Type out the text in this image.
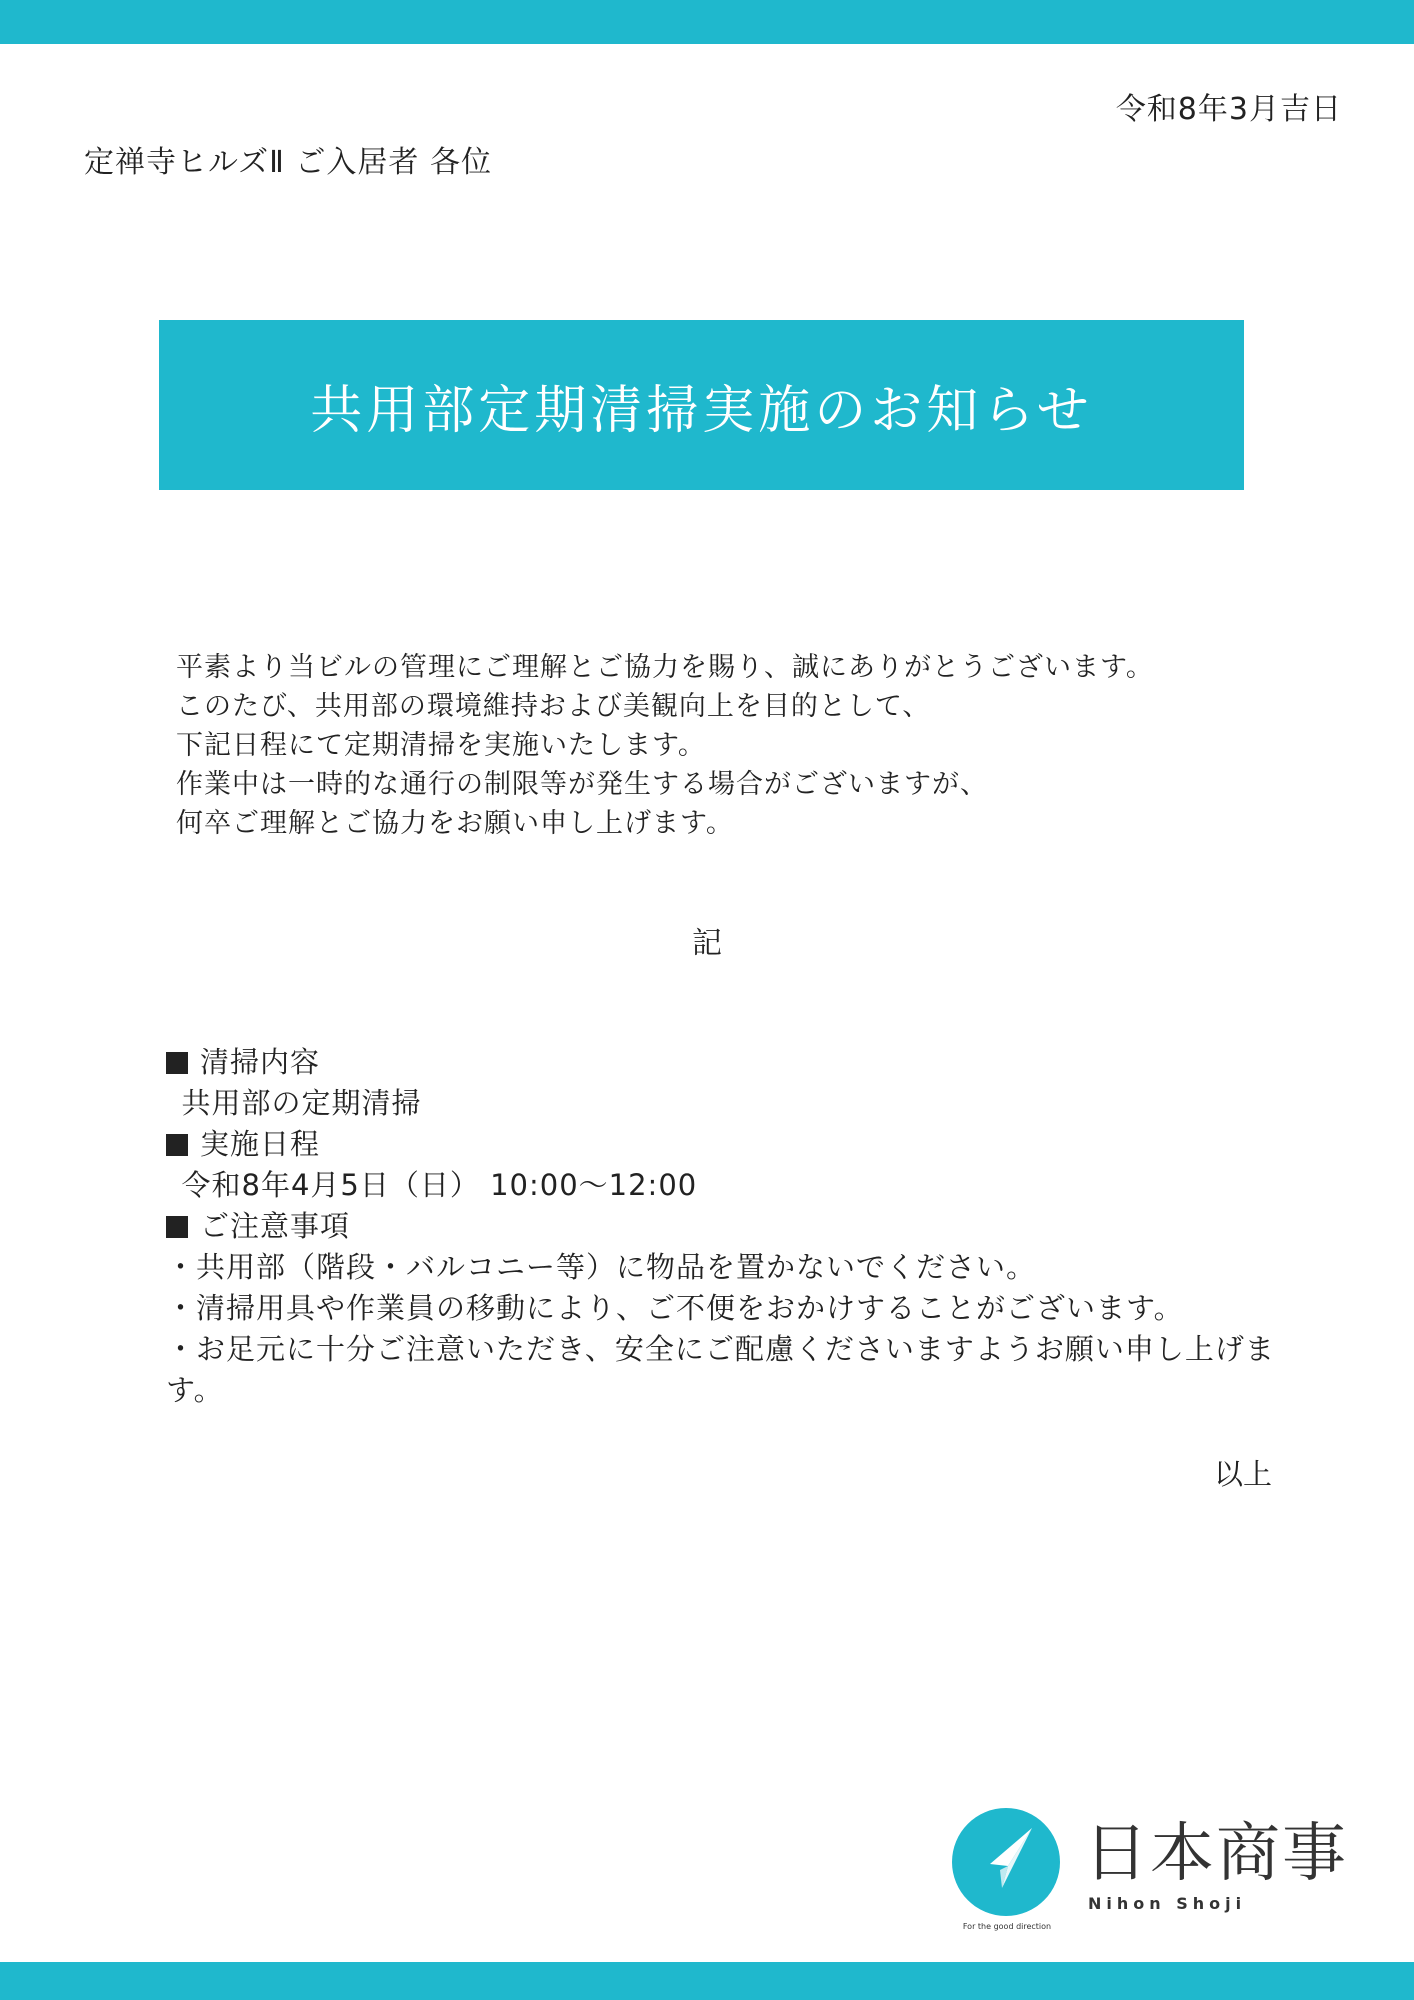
令和8年3月吉日
定禅寺ヒルズⅡ ご入居者 各位
共用部定期清掃実施のお知らせ
平素より当ビルの管理にご理解とご協力を賜り、誠にありがとうございます。
このたび、共用部の環境維持および美観向上を目的として、
下記日程にて定期清掃を実施いたします。
作業中は一時的な通行の制限等が発生する場合がございますが、
何卒ご理解とご協力をお願い申し上げます。
記
清掃内容
 共用部の定期清掃
実施日程
 令和8年4月5日（日） 10:00〜12:00
ご注意事項
・共用部（階段・バルコニー等）に物品を置かないでください。
・清掃用具や作業員の移動により、ご不便をおかけすることがございます。
・お足元に十分ご注意いただき、安全にご配慮くださいますようお願い申し上げます。
以上
For the good direction
日本商事
Nihon Shoji
